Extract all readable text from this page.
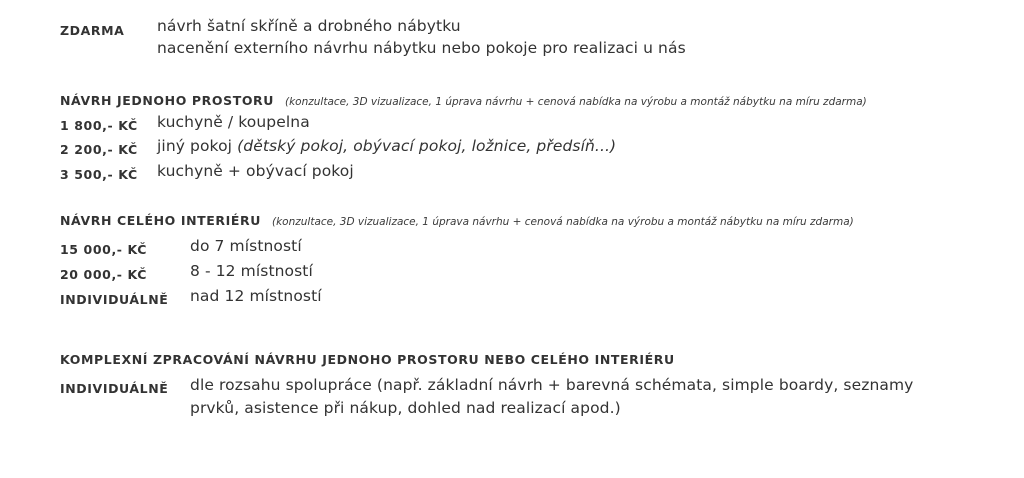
ZDARMA návrh šatní skříně a drobného nábytku
nacenění externího návrhu nábytku nebo pokoje pro realizaci u nás
NÁVRH JEDNOHO PROSTORU (konzultace, 3D vizualizace, 1 úprava návrhu + cenová nabídka na výrobu a montáž nábytku na míru zdarma)
1 800,- KČ kuchyně / koupelna
2 200,- KČ jiný pokoj (dětský pokoj, obývací pokoj, ložnice, předsíň...)
3 500,- KČ kuchyně + obývací pokoj
NÁVRH CELÉHO INTERIÉRU (konzultace, 3D vizualizace, 1 úprava návrhu + cenová nabídka na výrobu a montáž nábytku na míru zdarma)
15 000,- KČ	do 7 místností
20 000,- KČ	8 - 12 místností
INDIVIDUÁLNĚ nad 12 místností
KOMPLEXNÍ ZPRACOVÁNÍ NÁVRHU JEDNOHO PROSTORU NEBO CELÉHO INTERIÉRU
INDIVIDUÁLNĚ dle rozsahu spolupráce (např. základní návrh + barevná schémata, simple boardy, seznamy
prvků, asistence při nákup, dohled nad realizací apod.)
